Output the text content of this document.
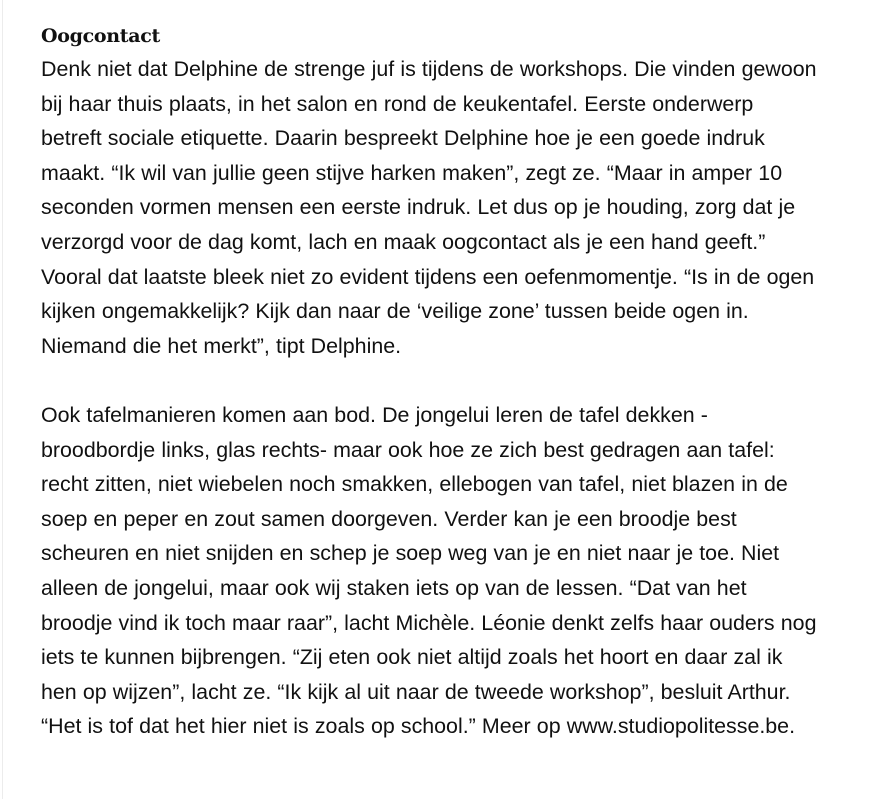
Oogcontact

Denk niet dat Delphine de strenge juf is tijdens de workshops. Die vinden gewoon
bij haar thuis plaats, in het salon en rond de keukentafel. Eerste onderwerp
betreft sociale etiquette. Daarin bespreekt Delphine hoe je een goede indruk
maakt. “Ik wil van jullie geen stijve harken maken”, zegt ze. “Maar in amper 10
seconden vormen mensen een eerste indruk. Let dus op je houding, zorg dat je
verzorgd voor de dag komt, lach en maak oogcontact als je een hand geeft.”
Vooral dat laatste bleek niet zo evident tijdens een oefenmomentje. “Is in de ogen
kijken ongemakkelijk? Kijk dan naar de ‘veilige zone’ tussen beide ogen in.
Niemand die het merkt”, tipt Delphine.

Ook tafelmanieren komen aan bod. De jongelui leren de tafel dekken -
broodbordje links, glas rechts- maar ook hoe ze zich best gedragen aan tafel:
recht zitten, niet wiebelen noch smakken, ellebogen van tafel, niet blazen in de
soep en peper en zout samen doorgeven. Verder kan je een broodje best
scheuren en niet snijden en schep je soep weg van je en niet naar je toe. Niet
alleen de jongelui, maar ook wij staken iets op van de lessen. “Dat van het
broodje vind ik toch maar raar”, lacht Michèle. Léonie denkt zelfs haar ouders nog
iets te kunnen bijbrengen. “Zij eten ook niet altijd zoals het hoort en daar zal ik
hen op wijzen”, lacht ze. “Ik kijk al uit naar de tweede workshop”, besluit Arthur.
“Het is tof dat het hier niet is zoals op school.” Meer op www.studiopolitesse.be.
